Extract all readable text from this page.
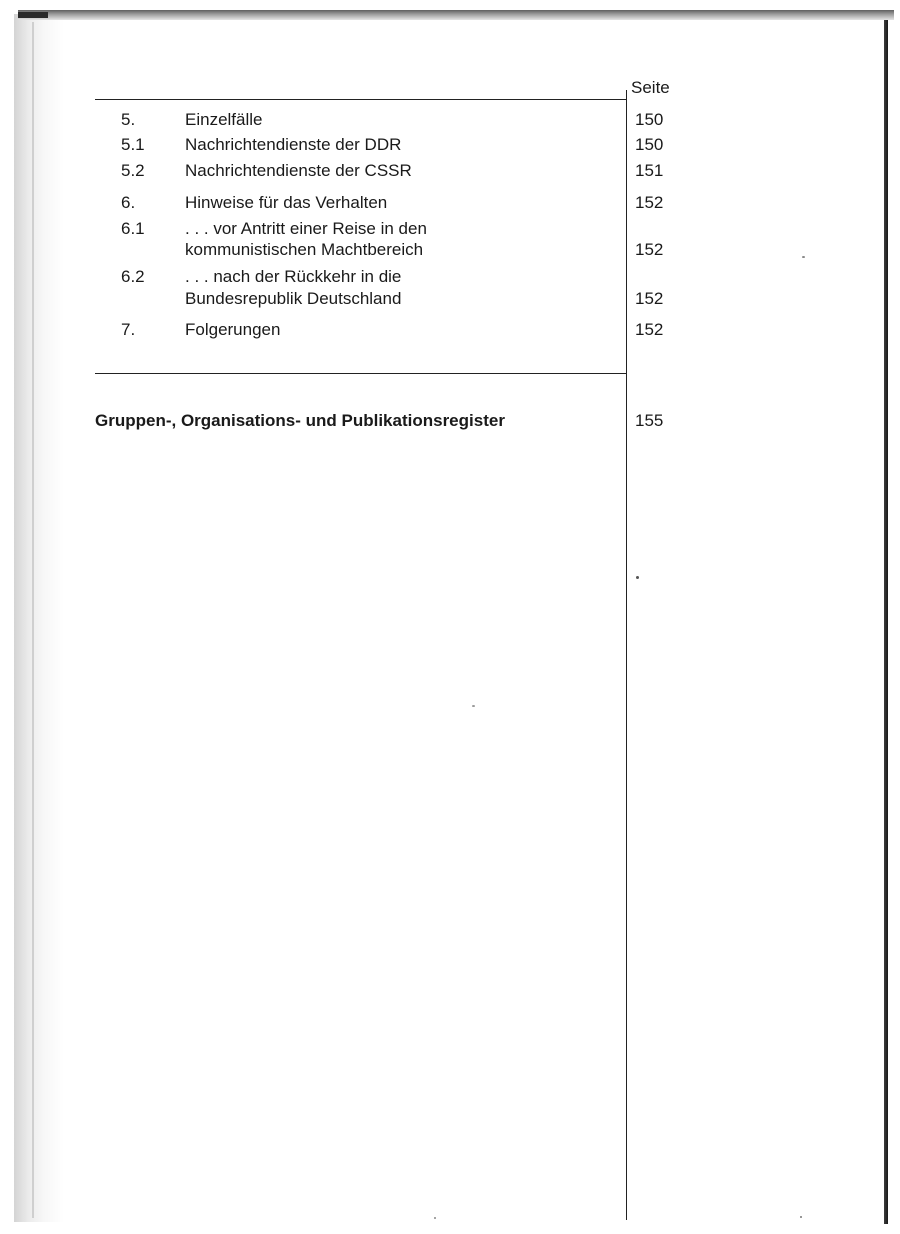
Seite
5.	Einzelfälle	150
5.1 Nachrichtendienste der DDR	150
5.2 Nachrichtendienste der CSSR	151
6.	Hinweise für das Verhalten	152
6.1 . . . vor Antritt einer Reise in den
kommunistischen Machtbereich	152
6.2 . . . nach der Rückkehr in die
Bundesrepublik Deutschland	152
7.	Folgerungen	152
Gruppen-, Organisations- und Publikationsregister	155
